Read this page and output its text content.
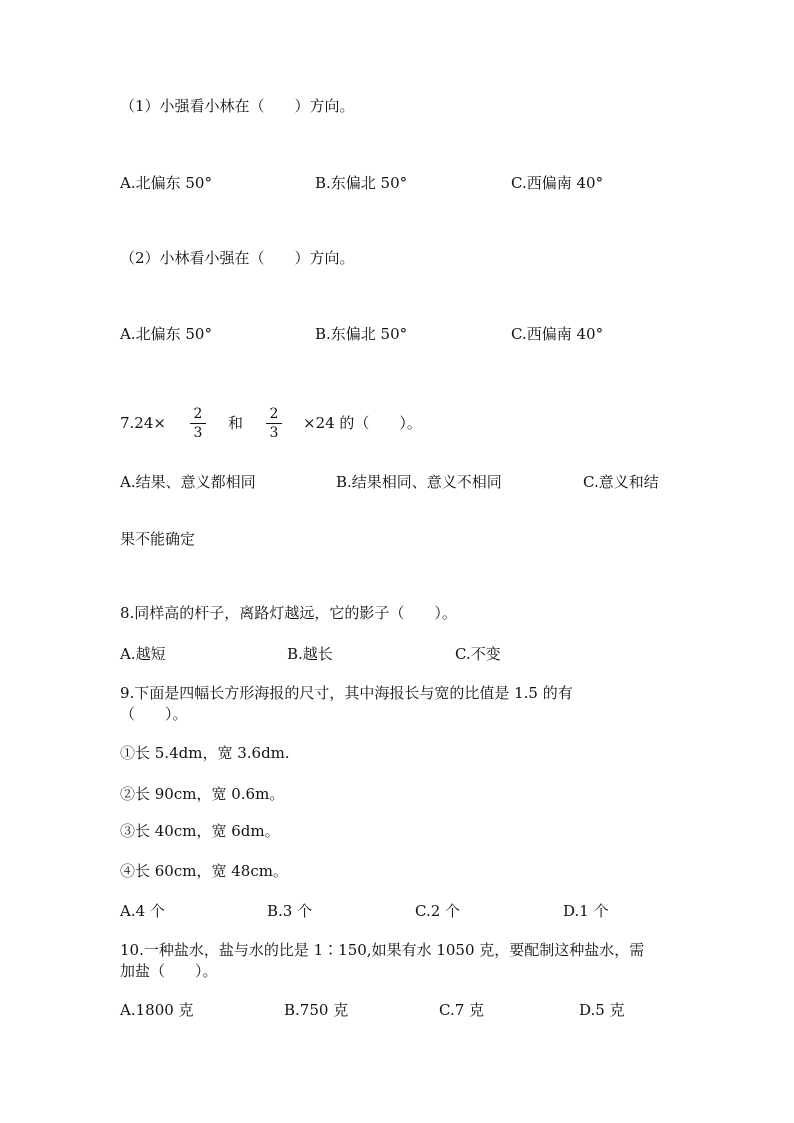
（1）小强看小林在（　　）方向。
A.北偏东 50°	B.东偏北 50°	C.西偏南 40°
（2）小林看小强在（　　）方向。
A.北偏东 50°	B.东偏北 50°	C.西偏南 40°
7.24× 2
3
和 2
3
×24 的（　　）。
A.结果、意义都相同	B.结果相同、意义不相同	C.意义和结
果不能确定
8.同样高的杆子，离路灯越远，它的影子（　　）。
A.越短	B.越长	C.不变
9.下面是四幅长方形海报的尺寸，其中海报长与宽的比值是 1.5 的有
（　　）。
①长 5.4dm，宽 3.6dm.
②长 90cm，宽 0.6m。
③长 40cm，宽 6dm。
④长 60cm，宽 48cm。
A.4 个	B.3 个	C.2 个	D.1 个
10.一种盐水，盐与水的比是 1∶150,如果有水 1050 克，要配制这种盐水，需
加盐（　　）。
A.1800 克	B.750 克	C.7 克	D.5 克
